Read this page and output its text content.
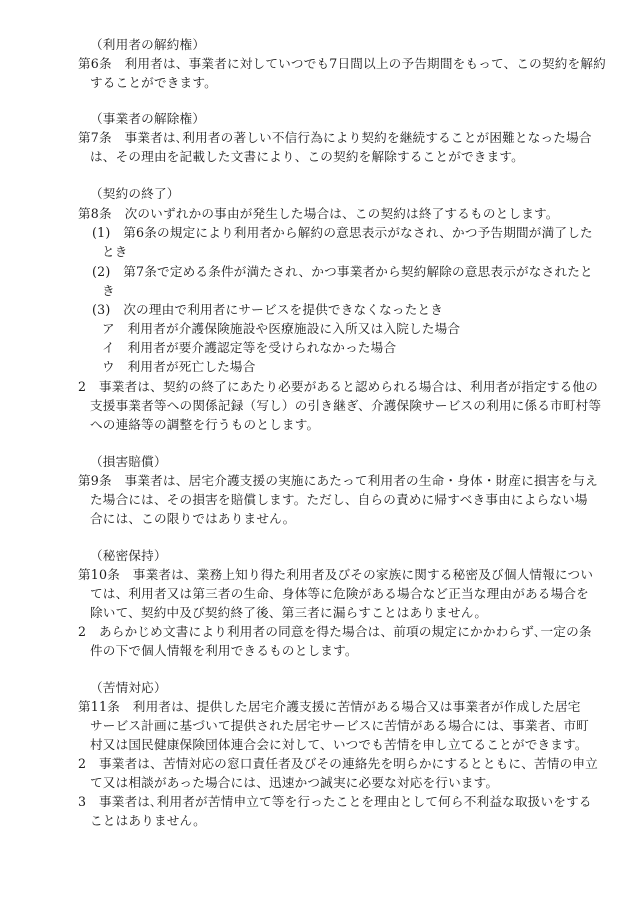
（利用者の解約権）
第6条　利用者は、事業者に対していつでも7日間以上の予告期間をもって、この契約を解約
することができます。
（事業者の解除権）
第7条　事業者は､利用者の著しい不信行為により契約を継続することが困難となった場合
は、その理由を記載した文書により、この契約を解除することができます。
（契約の終了）
第8条　次のいずれかの事由が発生した場合は、この契約は終了するものとします。
(1)　第6条の規定により利用者から解約の意思表示がなされ、かつ予告期間が満了した
とき
(2)　第7条で定める条件が満たされ、かつ事業者から契約解除の意思表示がなされたと
き
(3)　次の理由で利用者にサービスを提供できなくなったとき
ア　利用者が介護保険施設や医療施設に入所又は入院した場合
イ　利用者が要介護認定等を受けられなかった場合
ウ　利用者が死亡した場合
2　事業者は、契約の終了にあたり必要があると認められる場合は、利用者が指定する他の
支援事業者等への関係記録（写し）の引き継ぎ、介護保険サービスの利用に係る市町村等
への連絡等の調整を行うものとします。
（損害賠償）
第9条　事業者は、居宅介護支援の実施にあたって利用者の生命・身体・財産に損害を与え
た場合には、その損害を賠償します。ただし、自らの責めに帰すべき事由によらない場
合には、この限りではありません。
（秘密保持）
第10条　事業者は、業務上知り得た利用者及びその家族に関する秘密及び個人情報につい
ては、利用者又は第三者の生命、身体等に危険がある場合など正当な理由がある場合を
除いて、契約中及び契約終了後、第三者に漏らすことはありません。
2　あらかじめ文書により利用者の同意を得た場合は、前項の規定にかかわらず､一定の条
件の下で個人情報を利用できるものとします。
（苦情対応）
第11条　利用者は、提供した居宅介護支援に苦情がある場合又は事業者が作成した居宅
サービス計画に基づいて提供された居宅サービスに苦情がある場合には、事業者、市町
村又は国民健康保険団体連合会に対して、いつでも苦情を申し立てることができます。
2　事業者は、苦情対応の窓口責任者及びその連絡先を明らかにするとともに、苦情の申立
て又は相談があった場合には、迅速かつ誠実に必要な対応を行います。
3　事業者は､利用者が苦情申立て等を行ったことを理由として何ら不利益な取扱いをする
ことはありません。
